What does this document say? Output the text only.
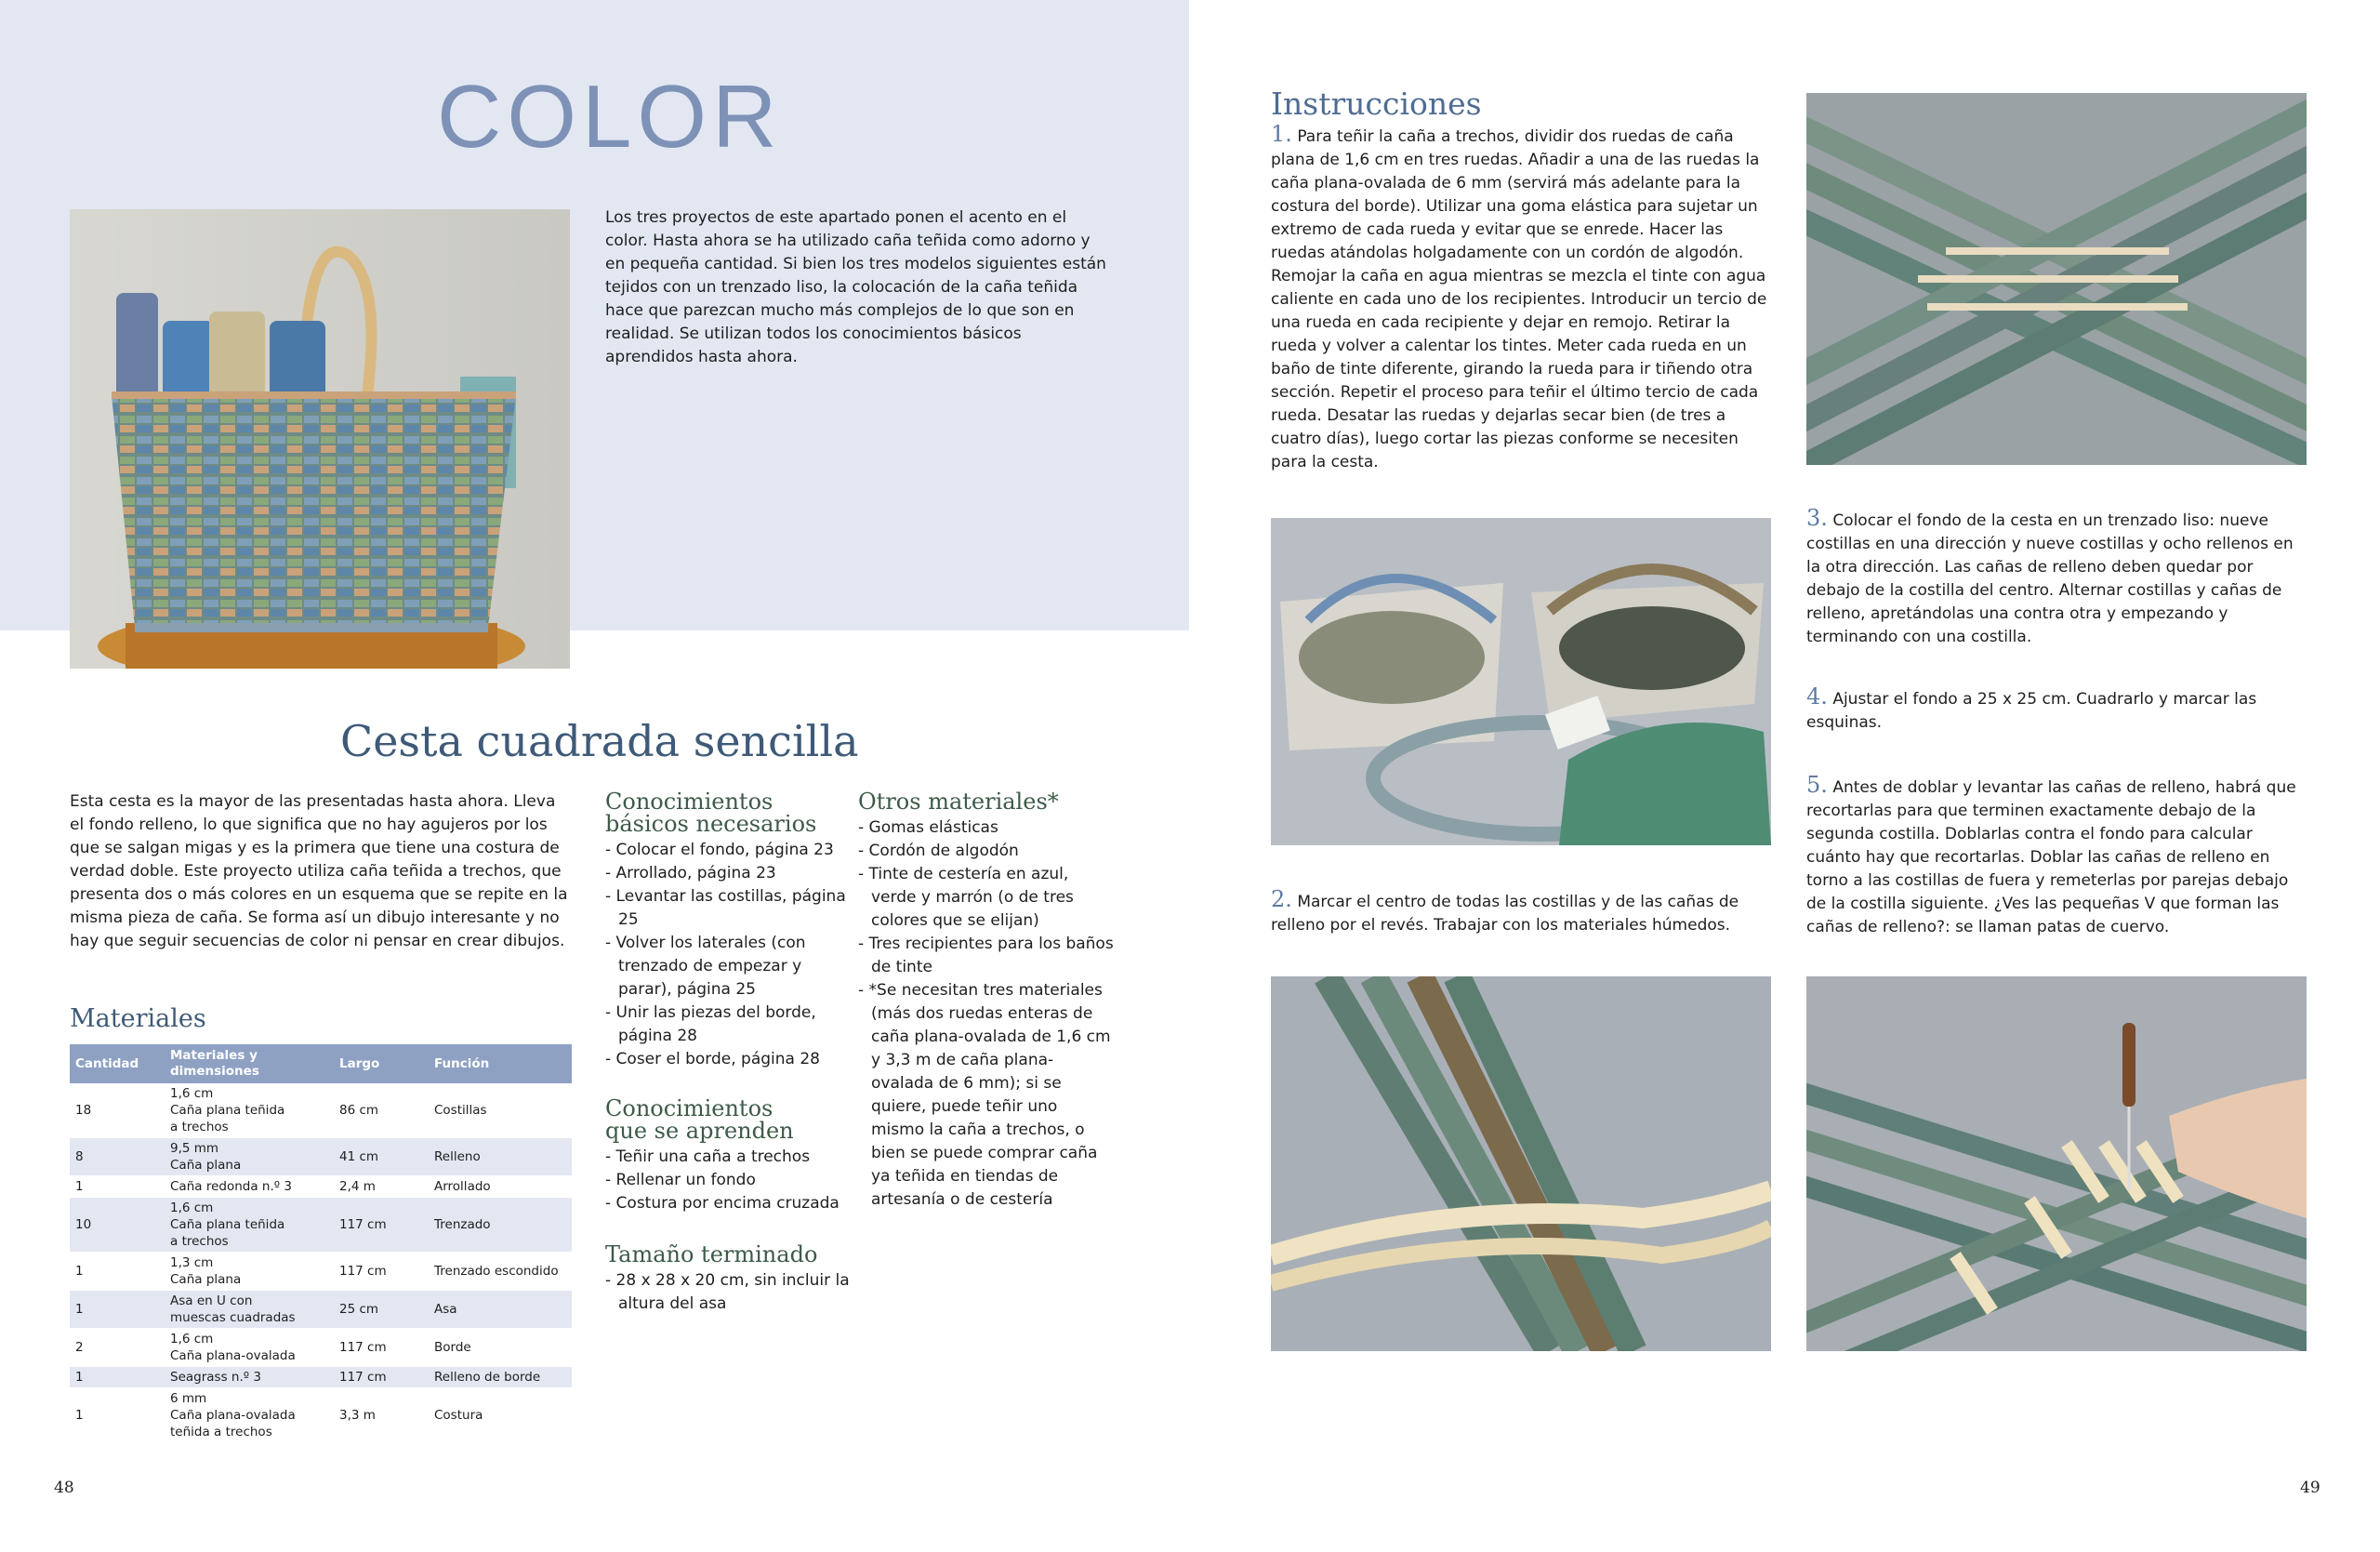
COLOR
Los tres proyectos de este apartado ponen el acento en el color. Hasta ahora se ha utilizado caña teñida como adorno y en pequeña cantidad. Si bien los tres modelos siguientes están tejidos con un trenzado liso, la colocación de la caña teñida hace que parezcan mucho más complejos de lo que son en realidad. Se utilizan todos los conocimientos básicos aprendidos hasta ahora.
Cesta cuadrada sencilla
Esta cesta es la mayor de las presentadas hasta ahora. Lleva el fondo relleno, lo que significa que no hay agujeros por los que se salgan migas y es la primera que tiene una costura de verdad doble. Este proyecto utiliza caña teñida a trechos, que presenta dos o más colores en un esquema que se repite en la misma pieza de caña. Se forma así un dibujo interesante y no hay que seguir secuencias de color ni pensar en crear dibujos.
Materiales
Cantidad	Materiales y dimensiones	Largo	Función
18	1,6 cm
Caña plana teñida
a trechos	86 cm	Costillas
8	9,5 mm
Caña plana	41 cm	Relleno
1	Caña redonda n.º 3	2,4 m	Arrollado
10	1,6 cm
Caña plana teñida
a trechos	117 cm	Trenzado
1	1,3 cm
Caña plana	117 cm	Trenzado escondido
1	Asa en U con
muescas cuadradas	25 cm	Asa
2	1,6 cm
Caña plana-ovalada	117 cm	Borde
1	Seagrass n.º 3	117 cm	Relleno de borde
1	6 mm
Caña plana-ovalada
teñida a trechos	3,3 m	Costura
Conocimientos
básicos necesarios
- Colocar el fondo, página 23
- Arrollado, página 23
- Levantar las costillas, página 25
- Volver los laterales (con trenzado de empezar y parar), página 25
- Unir las piezas del borde, página 28
- Coser el borde, página 28
Conocimientos
que se aprenden
- Teñir una caña a trechos
- Rellenar un fondo
- Costura por encima cruzada
Tamaño terminado
- 28 x 28 x 20 cm, sin incluir la altura del asa
Otros materiales*
- Gomas elásticas
- Cordón de algodón
- Tinte de cestería en azul, verde y marrón (o de tres colores que se elijan)
- Tres recipientes para los baños de tinte
- *Se necesitan tres materiales (más dos ruedas enteras de caña plana-ovalada de 1,6 cm y 3,3 m de caña plana-ovalada de 6 mm); si se quiere, puede teñir uno mismo la caña a trechos, o bien se puede comprar caña ya teñida en tiendas de artesanía o de cestería
48
Instrucciones
1. Para teñir la caña a trechos, dividir dos ruedas de caña plana de 1,6 cm en tres ruedas. Añadir a una de las ruedas la caña plana-ovalada de 6 mm (servirá más adelante para la costura del borde). Utilizar una goma elástica para sujetar un extremo de cada rueda y evitar que se enrede. Hacer las ruedas atándolas holgadamente con un cordón de algodón. Remojar la caña en agua mientras se mezcla el tinte con agua caliente en cada uno de los recipientes. Introducir un tercio de una rueda en cada recipiente y dejar en remojo. Retirar la rueda y volver a calentar los tintes. Meter cada rueda en un baño de tinte diferente, girando la rueda para ir tiñendo otra sección. Repetir el proceso para teñir el último tercio de cada rueda. Desatar las ruedas y dejarlas secar bien (de tres a cuatro días), luego cortar las piezas conforme se necesiten para la cesta.
2. Marcar el centro de todas las costillas y de las cañas de relleno por el revés. Trabajar con los materiales húmedos.
3. Colocar el fondo de la cesta en un trenzado liso: nueve costillas en una dirección y nueve costillas y ocho rellenos en la otra dirección. Las cañas de relleno deben quedar por debajo de la costilla del centro. Alternar costillas y cañas de relleno, apretándolas una contra otra y empezando y terminando con una costilla.
4. Ajustar el fondo a 25 x 25 cm. Cuadrarlo y marcar las esquinas.
5. Antes de doblar y levantar las cañas de relleno, habrá que recortarlas para que terminen exactamente debajo de la segunda costilla. Doblarlas contra el fondo para calcular cuánto hay que recortarlas. Doblar las cañas de relleno en torno a las costillas de fuera y remeterlas por parejas debajo de la costilla siguiente. ¿Ves las pequeñas V que forman las cañas de relleno?: se llaman patas de cuervo.
49
